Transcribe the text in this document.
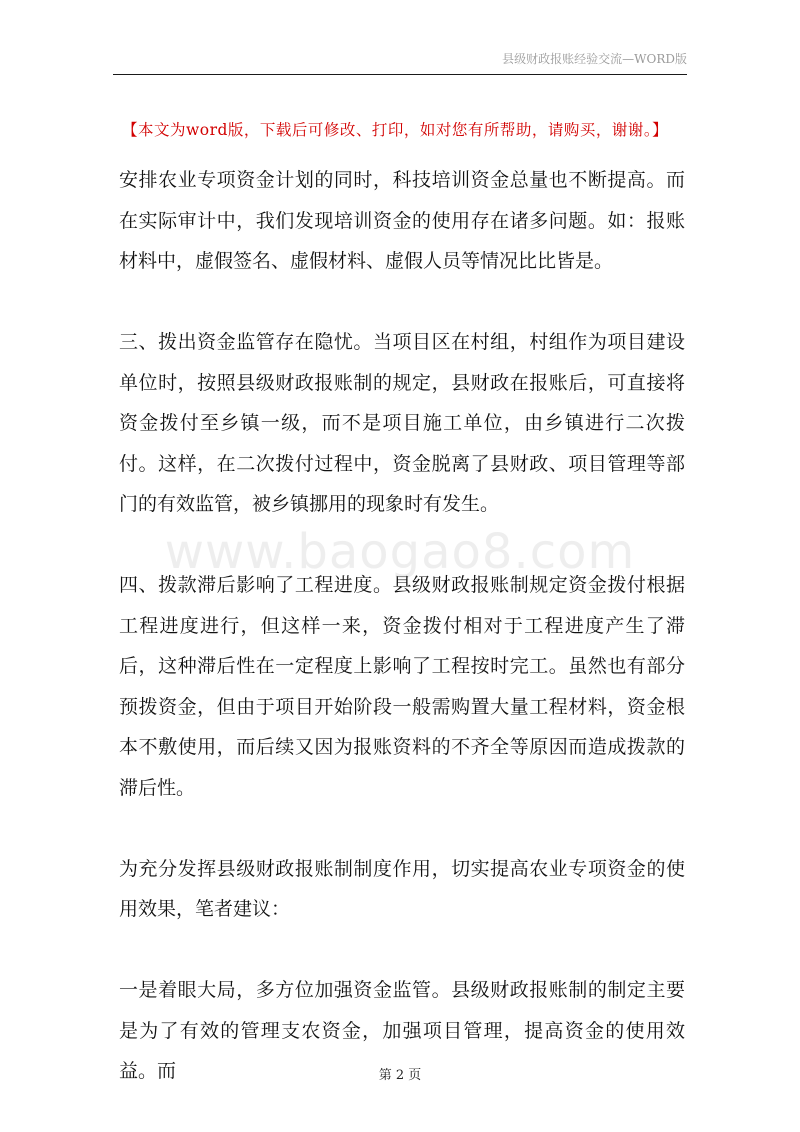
县级财政报账经验交流—WORD版
【本文为word版，下载后可修改、打印，如对您有所帮助，请购买，谢谢。】

安排农业专项资金计划的同时，科技培训资金总量也不断提高。而在实际审计中，我们发现培训资金的使用存在诸多问题。如：报账材料中，虚假签名、虚假材料、虚假人员等情况比比皆是。

三、拨出资金监管存在隐忧。当项目区在村组，村组作为项目建设单位时，按照县级财政报账制的规定，县财政在报账后，可直接将资金拨付至乡镇一级，而不是项目施工单位，由乡镇进行二次拨付。这样，在二次拨付过程中，资金脱离了县财政、项目管理等部门的有效监管，被乡镇挪用的现象时有发生。

四、拨款滞后影响了工程进度。县级财政报账制规定资金拨付根据工程进度进行，但这样一来，资金拨付相对于工程进度产生了滞后，这种滞后性在一定程度上影响了工程按时完工。虽然也有部分预拨资金，但由于项目开始阶段一般需购置大量工程材料，资金根本不敷使用，而后续又因为报账资料的不齐全等原因而造成拨款的滞后性。

为充分发挥县级财政报账制制度作用，切实提高农业专项资金的使用效果，笔者建议：

一是着眼大局，多方位加强资金监管。县级财政报账制的制定主要是为了有效的管理支农资金，加强项目管理，提高资金的使用效益。而

www.baogao8.com
第 2 页
